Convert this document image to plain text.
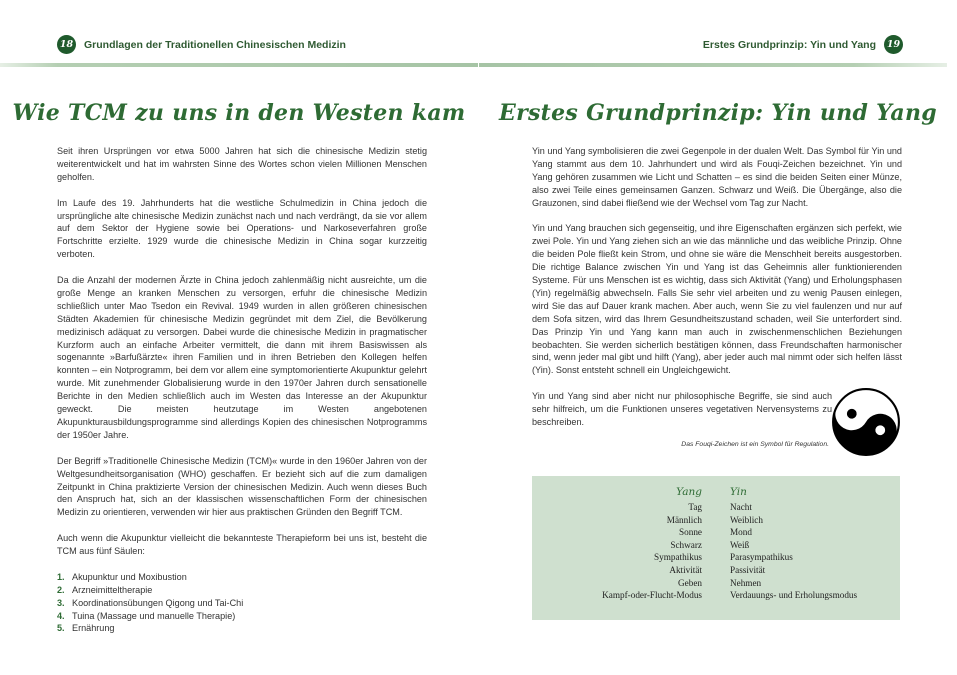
18 Grundlagen der Traditionellen Chinesischen Medizin
Wie TCM zu uns in den Westen kam

Seit ihren Ursprüngen vor etwa 5000 Jahren hat sich die chinesische Medizin stetig weiterentwickelt und hat im wahrsten Sinne des Wortes schon vielen Millionen Menschen geholfen.

Im Laufe des 19. Jahrhunderts hat die westliche Schulmedizin in China jedoch die ursprüngliche alte chinesische Medizin zunächst nach und nach verdrängt, da sie vor allem auf dem Sektor der Hygiene sowie bei Operations- und Narkoseverfahren große Fortschritte erzielte. 1929 wurde die chinesische Medizin in China sogar kurzzeitig verboten.

Da die Anzahl der modernen Ärzte in China jedoch zahlenmäßig nicht ausreichte, um die große Menge an kranken Menschen zu versorgen, erfuhr die chinesische Medizin schließlich unter Mao Tsedon ein Revival. 1949 wurden in allen größeren chinesischen Städten Akademien für chinesische Medizin gegründet mit dem Ziel, die Bevölkerung medizinisch adäquat zu versorgen. Dabei wurde die chinesische Medizin in pragmatischer Kurzform auch an einfache Arbeiter vermittelt, die dann mit ihrem Basiswissen als sogenannte »Barfußärzte« ihren Familien und in ihren Betrieben den Kollegen helfen konnten – ein Notprogramm, bei dem vor allem eine symptomorientierte Akupunktur gelehrt wurde. Mit zunehmender Globalisierung wurde in den 1970er Jahren durch sensationelle Berichte in den Medien schließlich auch im Westen das Interesse an der Akupunktur geweckt. Die meisten heutzutage im Westen angebotenen Akupunkturausbildungsprogramme sind allerdings Kopien des chinesischen Notprogramms der 1950er Jahre.

Der Begriff »Traditionelle Chinesische Medizin (TCM)« wurde in den 1960er Jahren von der Weltgesundheitsorganisation (WHO) geschaffen. Er bezieht sich auf die zum damaligen Zeitpunkt in China praktizierte Version der chinesischen Medizin. Auch wenn dieses Buch den Anspruch hat, sich an der klassischen wissenschaftlichen Form der chinesischen Medizin zu orientieren, verwenden wir hier aus praktischen Gründen den Begriff TCM.

Auch wenn die Akupunktur vielleicht die bekannteste Therapieform bei uns ist, besteht die TCM aus fünf Säulen:

1. Akupunktur und Moxibustion
2. Arzneimitteltherapie
3. Koordinationsübungen Qigong und Tai-Chi
4. Tuina (Massage und manuelle Therapie)
5. Ernährung
Erstes Grundprinzip: Yin und Yang	19
Erstes Grundprinzip: Yin und Yang

Yin und Yang symbolisieren die zwei Gegenpole in der dualen Welt. Das Symbol für Yin und Yang stammt aus dem 10. Jahrhundert und wird als Fouqi-Zeichen bezeichnet. Yin und Yang gehören zusammen wie Licht und Schatten – es sind die beiden Seiten einer Münze, also zwei Teile eines gemeinsamen Ganzen. Schwarz und Weiß. Die Übergänge, also die Grauzonen, sind dabei fließend wie der Wechsel vom Tag zur Nacht.

Yin und Yang brauchen sich gegenseitig, und ihre Eigenschaften ergänzen sich perfekt, wie zwei Pole. Yin und Yang ziehen sich an wie das männliche und das weibliche Prinzip. Ohne die beiden Pole fließt kein Strom, und ohne sie wäre die Menschheit bereits ausgestorben. Die richtige Balance zwischen Yin und Yang ist das Geheimnis aller funktionierenden Systeme. Für uns Menschen ist es wichtig, dass sich Aktivität (Yang) und Erholungsphasen (Yin) regelmäßig abwechseln. Falls Sie sehr viel arbeiten und zu wenig Pausen einlegen, wird Sie das auf Dauer krank machen. Aber auch, wenn Sie zu viel faulenzen und nur auf dem Sofa sitzen, wird das Ihrem Gesundheitszustand schaden, weil Sie unterfordert sind. Das Prinzip Yin und Yang kann man auch in zwischenmenschlichen Beziehungen beobachten. Sie werden sicherlich bestätigen können, dass Freundschaften harmonischer sind, wenn jeder mal gibt und hilft (Yang), aber jeder auch mal nimmt oder sich helfen lässt (Yin). Sonst entsteht schnell ein Ungleichgewicht.

Yin und Yang sind aber nicht nur philosophische Begriffe, sie sind auch sehr hilfreich, um die Funktionen unseres vegetativen Nervensystems zu beschreiben.

Das Fouqi-Zeichen ist ein Symbol für Regulation.
Yang	Yin
Tag	Nacht
Männlich	Weiblich
Sonne	Mond
Schwarz	Weiß
Sympathikus	Parasympathikus
Aktivität	Passivität
Geben	Nehmen
Kampf-oder-Flucht-Modus	Verdauungs- und Erholungsmodus
